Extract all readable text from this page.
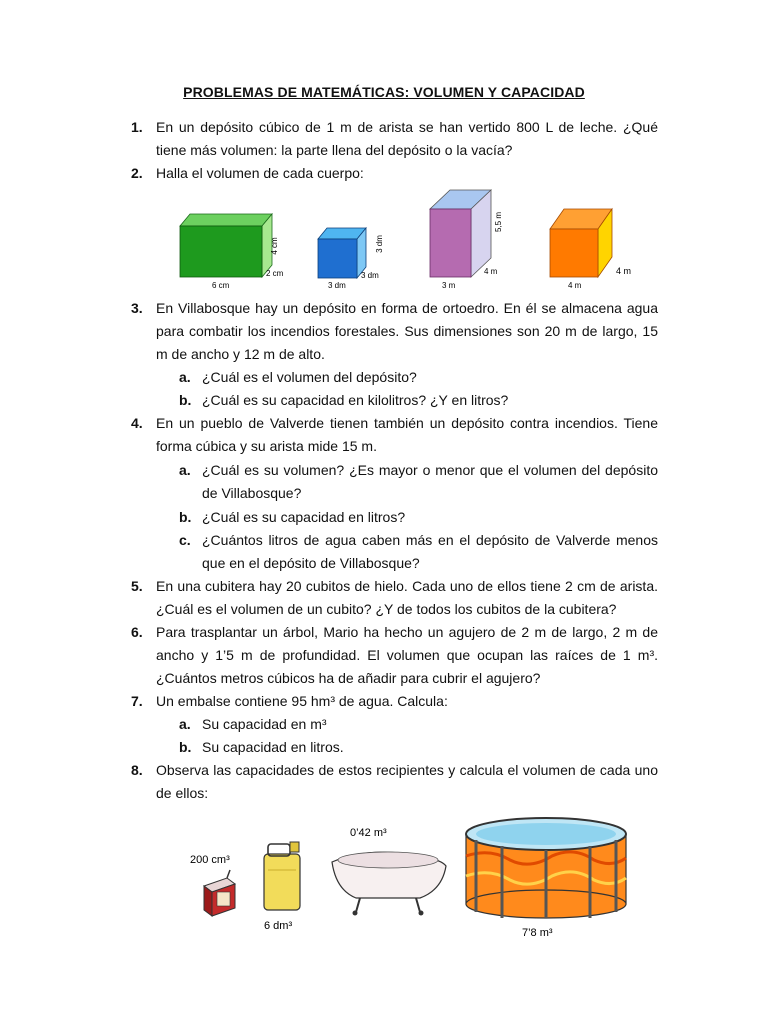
PROBLEMAS DE MATEMÁTICAS: VOLUMEN Y CAPACIDAD
1. En un depósito cúbico de 1 m de arista se han vertido 800 L de leche. ¿Qué tiene más volumen: la parte llena del depósito o la vacía?
2. Halla el volumen de cada cuerpo:
6 cm
2 cm
4 cm
3 dm
3 dm
3 dm
3 m
4 m
5,5 m
4 m
4 m
3. En Villabosque hay un depósito en forma de ortoedro. En él se almacena agua para combatir los incendios forestales. Sus dimensiones son 20 m de largo, 15 m de ancho y 12 m de alto.
a. ¿Cuál es el volumen del depósito?
b. ¿Cuál es su capacidad en kilolitros? ¿Y en litros?
4. En un pueblo de Valverde tienen también un depósito contra incendios. Tiene forma cúbica y su arista mide 15 m.
a. ¿Cuál es su volumen? ¿Es mayor o menor que el volumen del depósito de Villabosque?
b. ¿Cuál es su capacidad en litros?
c. ¿Cuántos litros de agua caben más en el depósito de Valverde menos que en el depósito de Villabosque?
5. En una cubitera hay 20 cubitos de hielo. Cada uno de ellos tiene 2 cm de arista. ¿Cuál es el volumen de un cubito? ¿Y de todos los cubitos de la cubitera?
6. Para trasplantar un árbol, Mario ha hecho un agujero de 2 m de largo, 2 m de ancho y 1’5 m de profundidad. El volumen que ocupan las raíces de 1 m³. ¿Cuántos metros cúbicos ha de añadir para cubrir el agujero?
7. Un embalse contiene 95 hm³ de agua. Calcula:
a. Su capacidad en m³
b. Su capacidad en litros.
8. Observa las capacidades de estos recipientes y calcula el volumen de cada uno de ellos:
200 cm³
6 dm³
0’42 m³
7’8 m³
